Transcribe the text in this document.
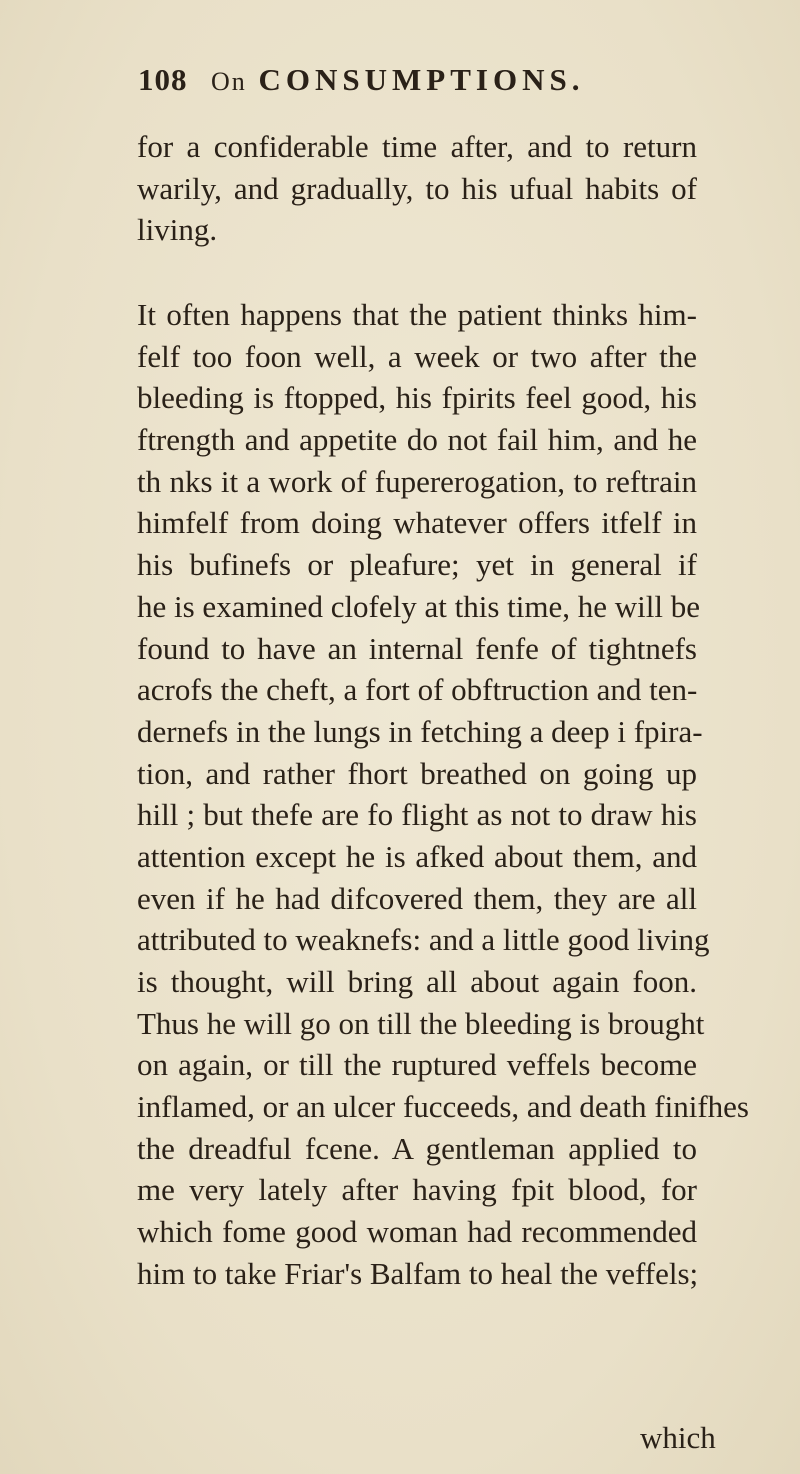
108 On CONSUMPTIONS.
for a confiderable time after, and to return
warily, and gradually, to his ufual habits of
living.
It often happens that the patient thinks him-
felf too foon well, a week or two after the
bleeding is ftopped, his fpirits feel good, his
ftrength and appetite do not fail him, and he
th nks it a work of fupererogation, to reftrain
himfelf from doing whatever offers itfelf in
his bufinefs or pleafure; yet in general if
he is examined clofely at this time, he will be
found to have an internal fenfe of tightnefs
acrofs the cheft, a fort of obftruction and ten-
dernefs in the lungs in fetching a deep i fpira-
tion, and rather fhort breathed on going up
hill ; but thefe are fo flight as not to draw his
attention except he is afked about them, and
even if he had difcovered them, they are all
attributed to weaknefs: and a little good living
is thought, will bring all about again foon.
Thus he will go on till the bleeding is brought
on again, or till the ruptured veffels become
inflamed, or an ulcer fucceeds, and death finifhes
the dreadful fcene. A gentleman applied to
me very lately after having fpit blood, for
which fome good woman had recommended
him to take Friar's Balfam to heal the veffels;
which
